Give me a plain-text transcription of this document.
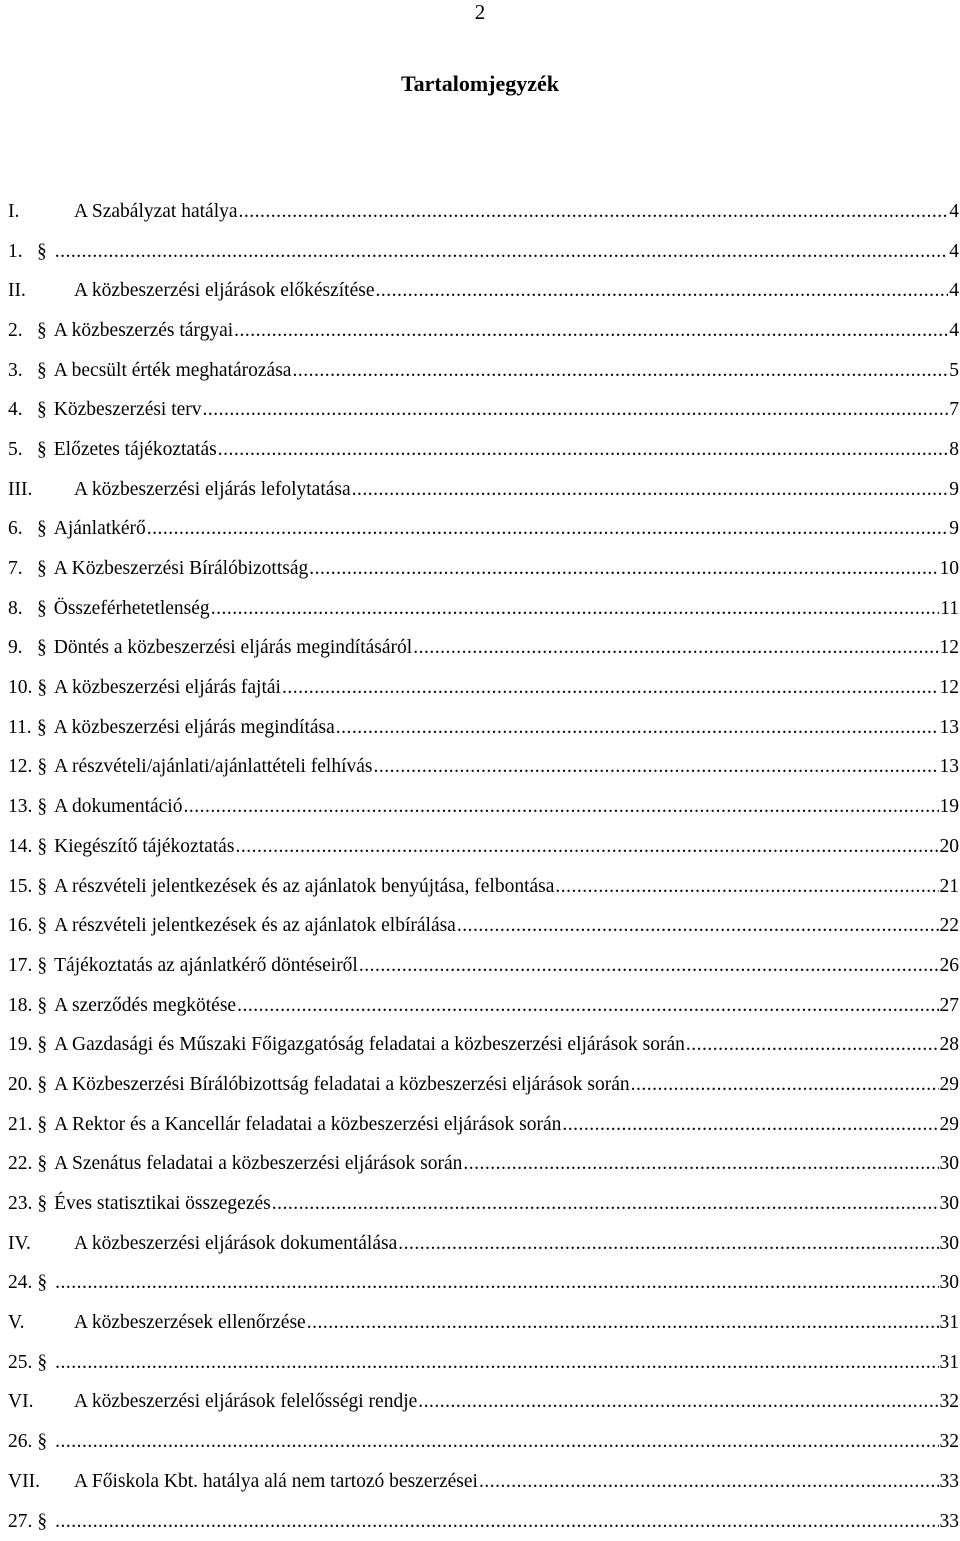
2
Tartalomjegyzék
I.	A Szabályzat hatálya .....	4
1. § .....	4
II.	A közbeszerzési eljárások előkészítése .....	4
2. § A közbeszerzés tárgyai .....	4
3. § A becsült érték meghatározása .....	5
4. § Közbeszerzési terv .....	7
5. § Előzetes tájékoztatás .....	8
III.	A közbeszerzési eljárás lefolytatása .....	9
6. § Ajánlatkérő .....	9
7. § A Közbeszerzési Bírálóbizottság .....	10
8. § Összeférhetetlenség .....	11
9. § Döntés a közbeszerzési eljárás megindításáról .....	12
10. § A közbeszerzési eljárás fajtái .....	12
11. § A közbeszerzési eljárás megindítása .....	13
12. § A részvételi/ajánlati/ajánlattételi felhívás .....	13
13. § A dokumentáció .....	19
14. § Kiegészítő tájékoztatás .....	20
15. § A részvételi jelentkezések és az ajánlatok benyújtása, felbontása .....	21
16. § A részvételi jelentkezések és az ajánlatok elbírálása .....	22
17. § Tájékoztatás az ajánlatkérő döntéseiről .....	26
18. § A szerződés megkötése .....	27
19. § A Gazdasági és Műszaki Főigazgatóság feladatai a közbeszerzési eljárások során .....	28
20. § A Közbeszerzési Bírálóbizottság feladatai a közbeszerzési eljárások során .....	29
21. § A Rektor és a Kancellár feladatai a közbeszerzési eljárások során .....	29
22. § A Szenátus feladatai a közbeszerzési eljárások során .....	30
23. § Éves statisztikai összegezés .....	30
IV.	A közbeszerzési eljárások dokumentálása .....	30
24. § .....	30
V.	A közbeszerzések ellenőrzése .....	31
25. § .....	31
VI.	A közbeszerzési eljárások felelősségi rendje .....	32
26. § .....	32
VII.	A Főiskola Kbt. hatálya alá nem tartozó beszerzései .....	33
27. § .....	33
